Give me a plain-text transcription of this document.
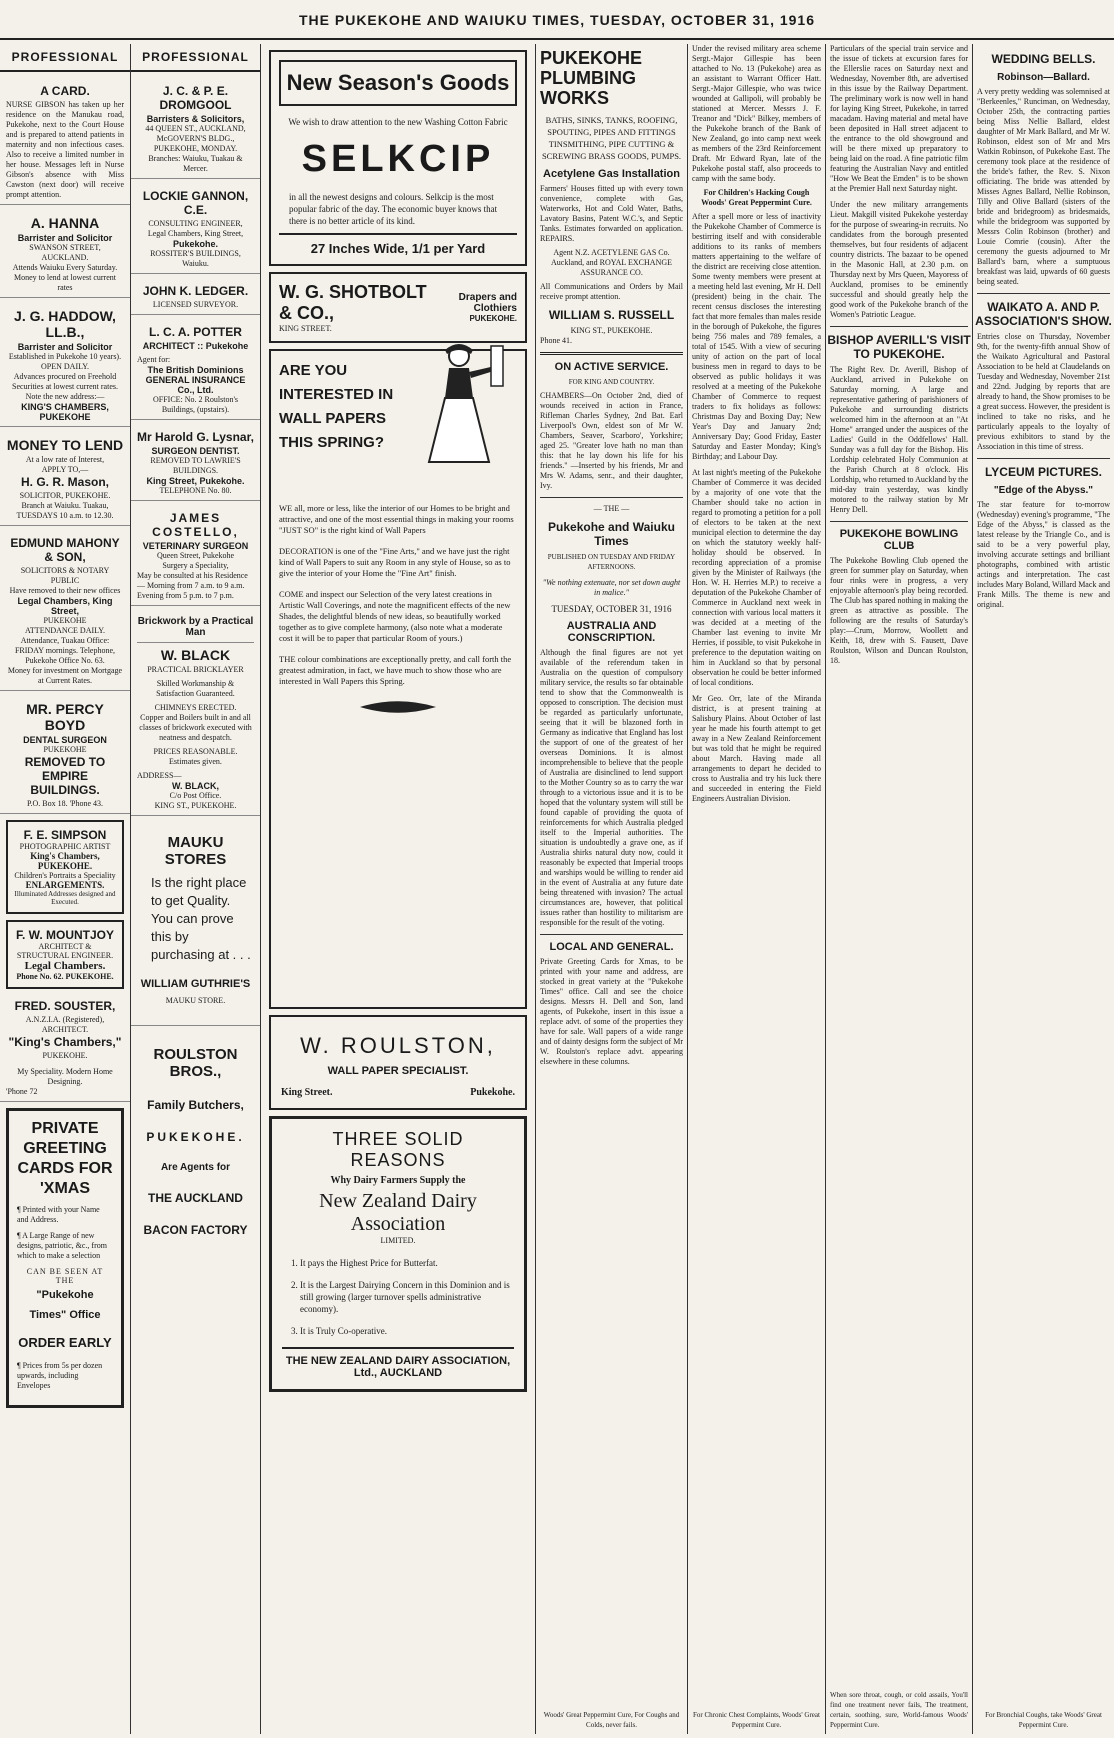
THE PUKEKOHE AND WAIUKU TIMES, TUESDAY, OCTOBER 31, 1916
PROFESSIONAL
A CARD.
NURSE GIBSON has taken up her residence on the Manukau road, Pukekohe, next to the Court House and is prepared to attend patients in maternity and non infectious cases. Also to receive a limited number in her house. Messages left in Nurse Gibson's absence with Miss Cawston (next door) will receive prompt attention.
A. HANNA
Barrister and Solicitor
SWANSON STREET, AUCKLAND.
Attends Waiuku Every Saturday. Money to lend at lowest current rates
J. G. HADDOW, LL.B.,
Barrister and Solicitor
Established in Pukekohe 10 years).
OPEN DAILY.
Advances procured on Freehold Securities at lowest current rates. Note the new address:—
KING'S CHAMBERS, PUKEKOHE
MONEY TO LEND
At a low rate of Interest,
APPLY TO,—
H. G. R. Mason,
SOLICITOR, PUKEKOHE.
Branch at Waiuku. Tuakau, TUESDAYS 10 a.m. to 12.30.
EDMUND MAHONY & SON,
SOLICITORS & NOTARY PUBLIC
Have removed to their new offices
Legal Chambers, King Street,
PUKEKOHE
ATTENDANCE DAILY. Attendance, Tuakau Office: FRIDAY mornings. Telephone, Pukekohe Office No. 63.
Money for investment on Mortgage at Current Rates.
MR. PERCY BOYD
DENTAL SURGEON
PUKEKOHE
REMOVED TO EMPIRE BUILDINGS.
P.O. Box 18. 'Phone 43.
F. E. SIMPSON
PHOTOGRAPHIC ARTIST
King's Chambers, PUKEKOHE.
Children's Portraits a Speciality
ENLARGEMENTS.
Illuminated Addresses designed and Executed.
F. W. MOUNTJOY
ARCHITECT & STRUCTURAL ENGINEER.
Legal Chambers.
Phone No. 62. PUKEKOHE.
FRED. SOUSTER,
A.N.Z.I.A. (Registered), ARCHITECT.
"King's Chambers,"
PUKEKOHE.
My Speciality. Modern Home Designing.
'Phone 72
PRIVATE GREETING CARDS FOR 'XMAS

¶ Printed with your Name and Address.

¶ A Large Range of new designs, patriotic, &c., from which to make a selection

CAN BE SEEN AT THE
"Pukekohe Times" Office
ORDER EARLY

¶ Prices from 5s per dozen upwards, including Envelopes

PROFESSIONAL
J. C. & P. E. DROMGOOL
Barristers & Solicitors,
44 QUEEN ST., AUCKLAND,
McGOVERN'S BLDG., PUKEKOHE, MONDAY.
Branches: Waiuku, Tuakau & Mercer.
LOCKIE GANNON, C.E.
CONSULTING ENGINEER,
Legal Chambers, King Street,
Pukekohe.
ROSSITER'S BUILDINGS, Waiuku.
JOHN K. LEDGER.
LICENSED SURVEYOR.
L. C. A. POTTER
ARCHITECT :: Pukekohe
Agent for:
The British Dominions GENERAL INSURANCE Co., Ltd.
OFFICE: No. 2 Roulston's Buildings, (upstairs).
Mr Harold G. Lysnar,
SURGEON DENTIST.
REMOVED TO LAWRIE'S BUILDINGS.
King Street, Pukekohe.
TELEPHONE No. 80.
JAMES COSTELLO,
VETERINARY SURGEON
Queen Street, Pukekohe
Surgery a Speciality,
May be consulted at his Residence — Morning from 7 a.m. to 9 a.m. Evening from 5 p.m. to 7 p.m.
Brickwork by a Practical Man
W. BLACK
PRACTICAL BRICKLAYER
Skilled Workmanship & Satisfaction Guaranteed.
CHIMNEYS ERECTED.
Copper and Boilers built in and all classes of brickwork executed with neatness and despatch.
PRICES REASONABLE. Estimates given.
ADDRESS—
W. BLACK,
C/o Post Office.
KING ST., PUKEKOHE.
MAUKU STORES
Is the right place to get Quality. You can prove this by purchasing at . . .
WILLIAM GUTHRIE'S
MAUKU STORE.
ROULSTON BROS.,
Family Butchers,
PUKEKOHE.
Are Agents for
THE AUCKLAND
BACON FACTORY
New Season's Goods

We wish to draw attention to the new Washing Cotton Fabric

SELKCIP

in all the newest designs and colours. Selkcip is the most popular fabric of the day. The economic buyer knows that there is no better article of its kind.

27 Inches Wide, 1/1 per Yard
W. G. SHOTBOLT & CO.,
KING STREET.
Drapers and Clothiers
PUKEKOHE.
ARE YOU INTERESTED IN WALL PAPERS THIS SPRING?

WE all, more or less, like the interior of our Homes to be bright and attractive, and one of the most essential things in making your rooms "JUST SO" is the right kind of Wall Papers

DECORATION is one of the "Fine Arts," and we have just the right kind of Wall Papers to suit any Room in any style of House, so as to give the interior of your Home the "Fine Art" finish.

COME and inspect our Selection of the very latest creations in Artistic Wall Coverings, and note the magnificent effects of the new Shades, the delightful blends of new ideas, so beautifully worked together as to give complete harmony, (also note what a moderate cost it will be to paper that particular Room of yours.)

THE colour combinations are exceptionally pretty, and call forth the greatest admiration, in fact, we have much to show those who are interested in Wall Papers this Spring.

W. ROULSTON,
WALL PAPER SPECIALIST.
King Street.	Pukekohe.
THREE SOLID REASONS
Why Dairy Farmers Supply the
New Zealand Dairy Association
LIMITED.
1. It pays the Highest Price for Butterfat.
2. It is the Largest Dairying Concern in this Dominion and is still growing (larger turnover spells administrative economy).
3. It is Truly Co-operative.
THE NEW ZEALAND DAIRY ASSOCIATION, Ltd., AUCKLAND
PUKEKOHE PLUMBING WORKS
BATHS, SINKS, TANKS, ROOFING, SPOUTING, PIPES AND FITTINGS TINSMITHING, PIPE CUTTING & SCREWING BRASS GOODS, PUMPS.
Acetylene Gas Installation
Farmers' Houses fitted up with every town convenience, complete with Gas, Waterworks, Hot and Cold Water, Baths, Lavatory Basins, Patent W.C.'s, and Septic Tanks. Estimates forwarded on application. REPAIRS.
Agent N.Z. ACETYLENE GAS Co. Auckland, and ROYAL EXCHANGE ASSURANCE CO.
All Communications and Orders by Mail receive prompt attention.
WILLIAM S. RUSSELL
KING ST., PUKEKOHE.
Phone 41.
ON ACTIVE SERVICE.
FOR KING AND COUNTRY.
CHAMBERS—On October 2nd, died of wounds received in action in France, Rifleman Charles Sydney, 2nd Bat. Earl Liverpool's Own, eldest son of Mr W. Chambers, Seaver, Scarboro', Yorkshire; aged 25. "Greater love hath no man than this: that he lay down his life for his friends." —Inserted by his friends, Mr and Mrs W. Adams, senr., and their daughter, Ivy.
— THE —
Pukekohe and Waiuku Times
PUBLISHED ON TUESDAY AND FRIDAY AFTERNOONS.
"We nothing extenuate, nor set down aught in malice."
TUESDAY, OCTOBER 31, 1916
AUSTRALIA AND CONSCRIPTION.
Although the final figures are not yet available of the referendum taken in Australia on the question of compulsory military service, the results so far obtainable tend to show that the Commonwealth is opposed to conscription. The decision must be regarded as particularly unfortunate, seeing that it will be blazoned forth in Germany as indicative that England has lost the support of one of the greatest of her overseas Dominions. It is almost incomprehensible to believe that the people of Australia are disinclined to lend support to the Mother Country so as to carry the war through to a victorious issue and it is to be hoped that the voluntary system will still be found capable of providing the quota of reinforcements for which Australia pledged itself to the Imperial authorities. The situation is undoubtedly a grave one, as if Australia shirks natural duty now, could it reasonably be expected that Imperial troops and warships would be willing to render aid in the event of Australia at any future date being threatened with invasion? The actual circumstances are, however, that political issues rather than hostility to militarism are responsible for the result of the voting.
LOCAL AND GENERAL.
Private Greeting Cards for Xmas, to be printed with your name and address, are stocked in great variety at the "Pukekohe Times" office. Call and see the choice designs. Messrs H. Dell and Son, land agents, of Pukekohe, insert in this issue a replace advt. of some of the properties they have for sale. Wall papers of a wide range and of dainty designs form the subject of Mr W. Roulston's replace advt. appearing elsewhere in these columns.
Woods' Great Peppermint Cure, For Coughs and Colds, never fails.
Under the revised military area scheme Sergt.-Major Gillespie has been attached to No. 13 (Pukekohe) area as an assistant to Warrant Officer Hatt. Sergt.-Major Gillespie, who was twice wounded at Gallipoli, will probably be stationed at Mercer. Messrs J. F. Treanor and "Dick" Bilkey, members of the Pukekohe branch of the Bank of New Zealand, go into camp next week as members of the 23rd Reinforcement Draft. Mr Edward Ryan, late of the Pukekohe postal staff, also proceeds to camp with the same body.
For Children's Hacking Cough Woods' Great Peppermint Cure.
After a spell more or less of inactivity the Pukekohe Chamber of Commerce is bestirring itself and with considerable additions to its ranks of members matters appertaining to the welfare of the district are receiving close attention. Some twenty members were present at a meeting held last evening, Mr H. Dell (president) being in the chair. The recent census discloses the interesting fact that more females than males reside in the borough of Pukekohe, the figures being 756 males and 789 females, a total of 1545. With a view of securing unity of action on the part of local business men in regard to days to be observed as public holidays it was resolved at a meeting of the Pukekohe Chamber of Commerce to request traders to fix holidays as follows: Christmas Day and Boxing Day; New Year's Day and January 2nd; Anniversary Day; Good Friday, Easter Saturday and Easter Monday; King's Birthday; and Labour Day.
At last night's meeting of the Pukekohe Chamber of Commerce it was decided by a majority of one vote that the Chamber should take no action in regard to promoting a petition for a poll of electors to be taken at the next municipal election to determine the day on which the statutory weekly half-holiday should be observed. In recording appreciation of a promise given by the Minister of Railways (the Hon. W. H. Herries M.P.) to receive a deputation of the Pukekohe Chamber of Commerce in Auckland next week in connection with various local matters it was decided at a meeting of the Chamber last evening to invite Mr Herries, if possible, to visit Pukekohe in preference to the deputation waiting on him in Auckland so that by personal observation he could be better informed of local conditions.
Mr Geo. Orr, late of the Miranda district, is at present training at Salisbury Plains. About October of last year he made his fourth attempt to get away in a New Zealand Reinforcement but was told that he might be required about March. Having made all arrangements to depart he decided to cross to Australia and try his luck there and succeeded in entering the Field Engineers Australian Division.
For Chronic Chest Complaints, Woods' Great Peppermint Cure.
Particulars of the special train service and the issue of tickets at excursion fares for the Ellerslie races on Saturday next and Wednesday, November 8th, are advertised in this issue by the Railway Department. The preliminary work is now well in hand for laying King Street, Pukekohe, in tarred macadam. Having material and metal have been deposited in Hall street adjacent to the entrance to the old showground and will be there mixed up preparatory to being laid on the road. A fine patriotic film featuring the Australian Navy and entitled "How We Beat the Emden" is to be shown at the Premier Hall next Saturday night.
Under the new military arrangements Lieut. Makgill visited Pukekohe yesterday for the purpose of swearing-in recruits. No candidates from the borough presented themselves, but four residents of adjacent country districts. The bazaar to be opened in the Masonic Hall, at 2.30 p.m. on Thursday next by Mrs Queen, Mayoress of Auckland, promises to be eminently successful and should greatly help the good work of the Pukekohe branch of the Women's Patriotic League.
BISHOP AVERILL'S VISIT TO PUKEKOHE.
The Right Rev. Dr. Averill, Bishop of Auckland, arrived in Pukekohe on Saturday morning. A large and representative gathering of parishioners of Pukekohe and surrounding districts welcomed him in the afternoon at an "At Home" arranged under the auspices of the Ladies' Guild in the Oddfellows' Hall. Sunday was a full day for the Bishop. His Lordship celebrated Holy Communion at the Parish Church at 8 o'clock. His Lordship, who returned to Auckland by the mid-day train yesterday, was kindly motored to the railway station by Mr Henry Dell.
PUKEKOHE BOWLING CLUB
The Pukekohe Bowling Club opened the green for summer play on Saturday, when four rinks were in progress, a very enjoyable afternoon's play being recorded. The Club has spared nothing in making the green as attractive as possible. The following are the results of Saturday's play:—Crum, Morrow, Woollett and Keith, 18, drew with S. Fausett, Dave Roulston, Wilson and Duncan Roulston, 18.
When sore throat, cough, or cold assails, You'll find one treatment never fails, The treatment, certain, soothing, sure, World-famous Woods' Peppermint Cure.
WEDDING BELLS.
Robinson—Ballard.
A very pretty wedding was solemnised at "Berkeenles," Runciman, on Wednesday, October 25th, the contracting parties being Miss Nellie Ballard, eldest daughter of Mr Mark Ballard, and Mr W. Robinson, eldest son of Mr and Mrs Watkin Robinson, of Pukekohe East. The ceremony took place at the residence of the bride's father, the Rev. S. Nixon officiating. The bride was attended by Misses Agnes Ballard, Nellie Robinson, Tilly and Olive Ballard (sisters of the bride and bridegroom) as bridesmaids, while the bridegroom was supported by Messrs Colin Robinson (brother) and Louie Comrie (cousin). After the ceremony the guests adjourned to Mr Ballard's barn, where a sumptuous breakfast was laid, upwards of 60 guests being seated.
WAIKATO A. AND P. ASSOCIATION'S SHOW.
Entries close on Thursday, November 9th, for the twenty-fifth annual Show of the Waikato Agricultural and Pastoral Association to be held at Claudelands on Tuesday and Wednesday, November 21st and 22nd. Judging by reports that are already to hand, the Show promises to be a great success. However, the president is inclined to take no risks, and he particularly appeals to the loyalty of previous exhibitors to stand by the Association in this time of stress.
LYCEUM PICTURES.
"Edge of the Abyss."
The star feature for to-morrow (Wednesday) evening's programme, "The Edge of the Abyss," is classed as the latest release by the Triangle Co., and is said to be a very powerful play, involving accurate settings and brilliant photographs, combined with artistic actings and interpretation. The cast includes Mary Boland, Willard Mack and Frank Mills. The theme is new and original.
For Bronchial Coughs, take Woods' Great Peppermint Cure.
